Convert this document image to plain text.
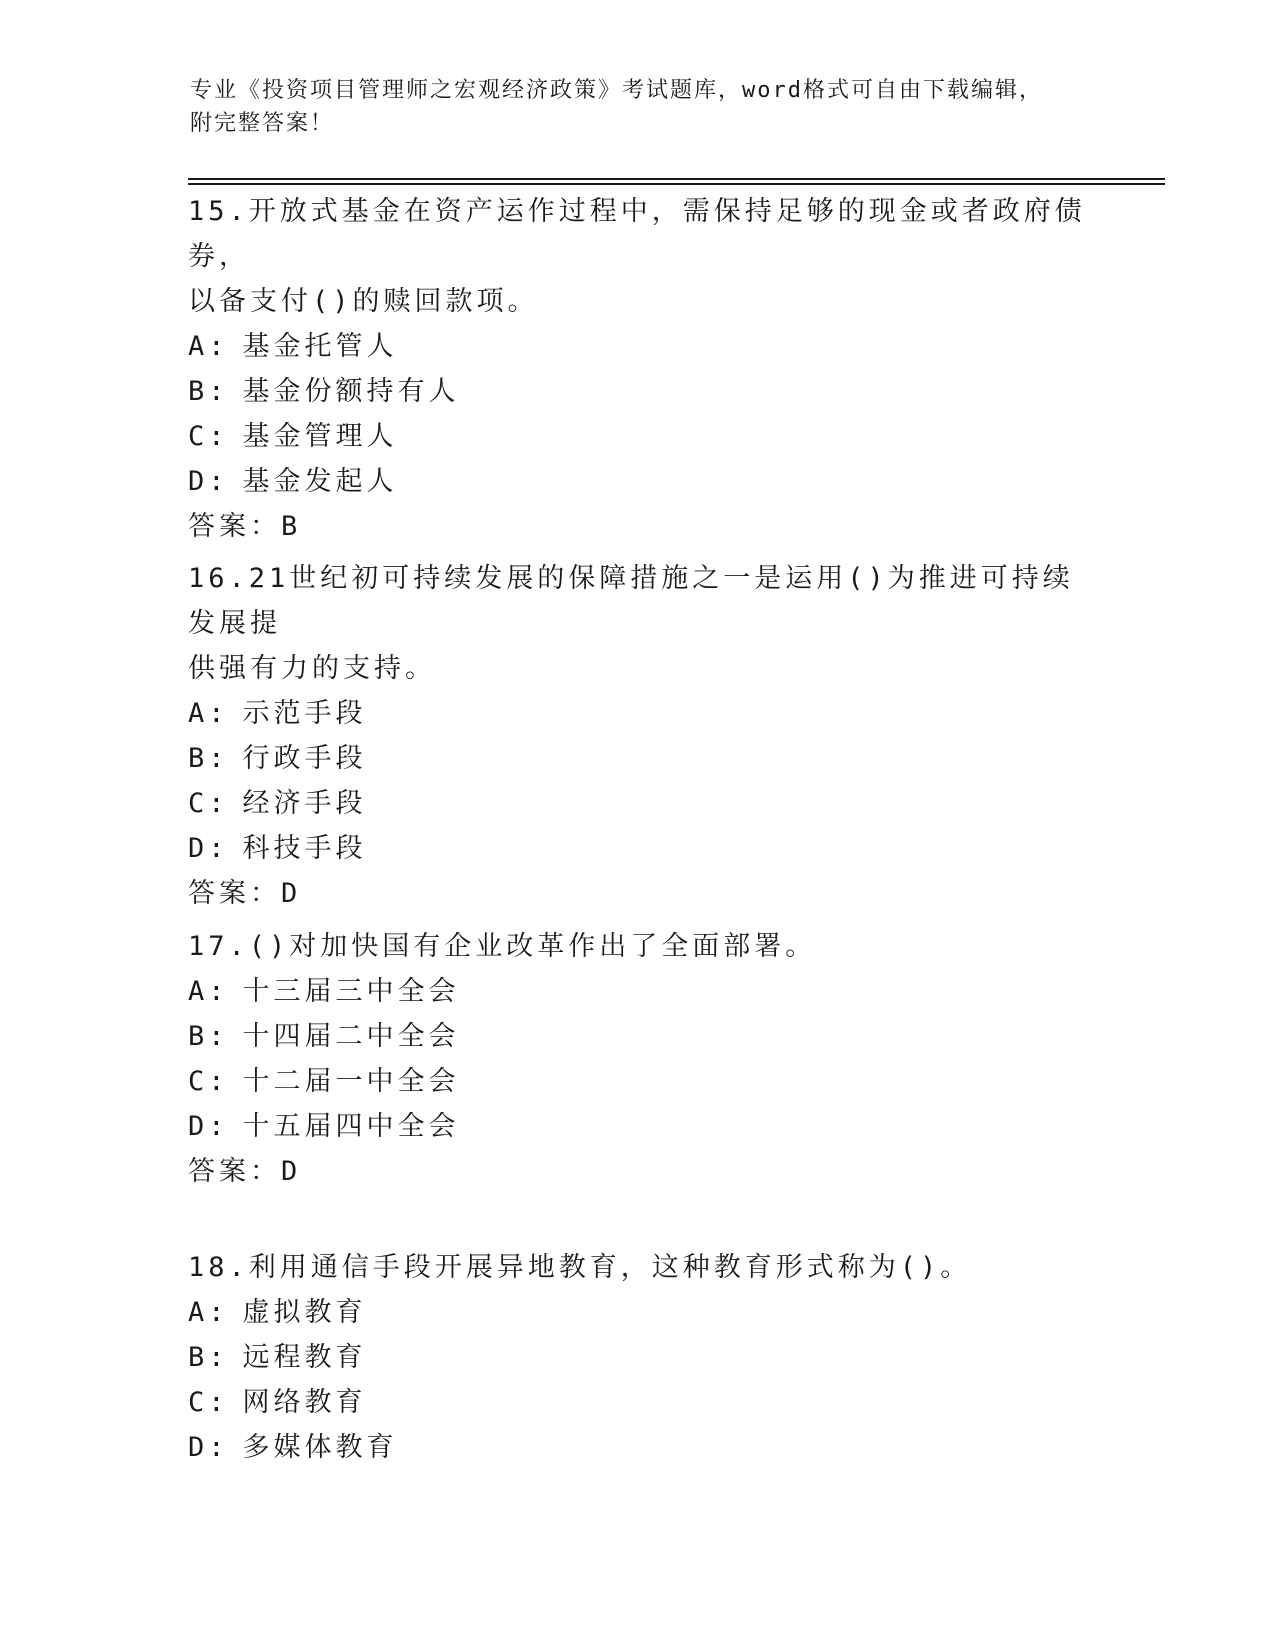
专业《投资项目管理师之宏观经济政策》考试题库，word格式可自由下载编辑，
附完整答案！

15.开放式基金在资产运作过程中，需保持足够的现金或者政府债券，

以备支付()的赎回款项。

A: 基金托管人

B: 基金份额持有人

C: 基金管理人

D: 基金发起人

答案：B

16.21世纪初可持续发展的保障措施之一是运用()为推进可持续发展提

供强有力的支持。

A: 示范手段

B: 行政手段

C: 经济手段

D: 科技手段

答案：D

17.()对加快国有企业改革作出了全面部署。

A: 十三届三中全会

B: 十四届二中全会

C: 十二届一中全会

D: 十五届四中全会

答案：D

18.利用通信手段开展异地教育，这种教育形式称为()。

A: 虚拟教育

B: 远程教育

C: 网络教育

D: 多媒体教育
